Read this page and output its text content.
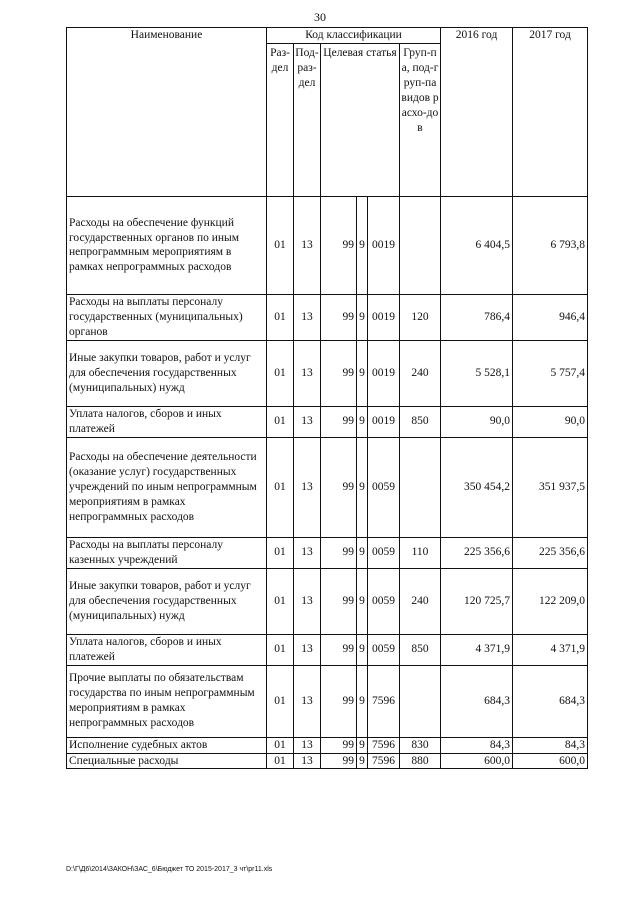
30
Наименование	Код классификации						2016 год	2017 год
	Раз-дел	Под-раз-дел	Целевая статья			Груп-па, под-груп-па видов расхо-дов		
Расходы на обеспечение функций государственных органов по иным непрограммным мероприятиям в рамках непрограммных расходов	01	13	99	9	0019		6 404,5	6 793,8
Расходы на выплаты персоналу государственных (муниципальных) органов	01	13	99	9	0019	120	786,4	946,4
Иные закупки товаров, работ и услуг для обеспечения государственных (муниципальных) нужд	01	13	99	9	0019	240	5 528,1	5 757,4
Уплата налогов, сборов и иных платежей	01	13	99	9	0019	850	90,0	90,0
Расходы на обеспечение деятельности (оказание услуг) государственных учреждений по иным непрограммным мероприятиям в рамках непрограммных расходов	01	13	99	9	0059		350 454,2	351 937,5
Расходы на выплаты персоналу казенных учреждений	01	13	99	9	0059	110	225 356,6	225 356,6
Иные закупки товаров, работ и услуг для обеспечения государственных (муниципальных) нужд	01	13	99	9	0059	240	120 725,7	122 209,0
Уплата налогов, сборов и иных платежей	01	13	99	9	0059	850	4 371,9	4 371,9
Прочие выплаты по обязательствам государства по иным непрограммным мероприятиям в рамках непрограммных расходов	01	13	99	9	7596		684,3	684,3
Исполнение судебных актов	01	13	99	9	7596	830	84,3	84,3
Специальные расходы	01	13	99	9	7596	880	600,0	600,0
D:\Г\Д6\2014\ЗАКОН\ЗАС_6\Бюджет ТО 2015-2017_3 чт\pr11.xls
